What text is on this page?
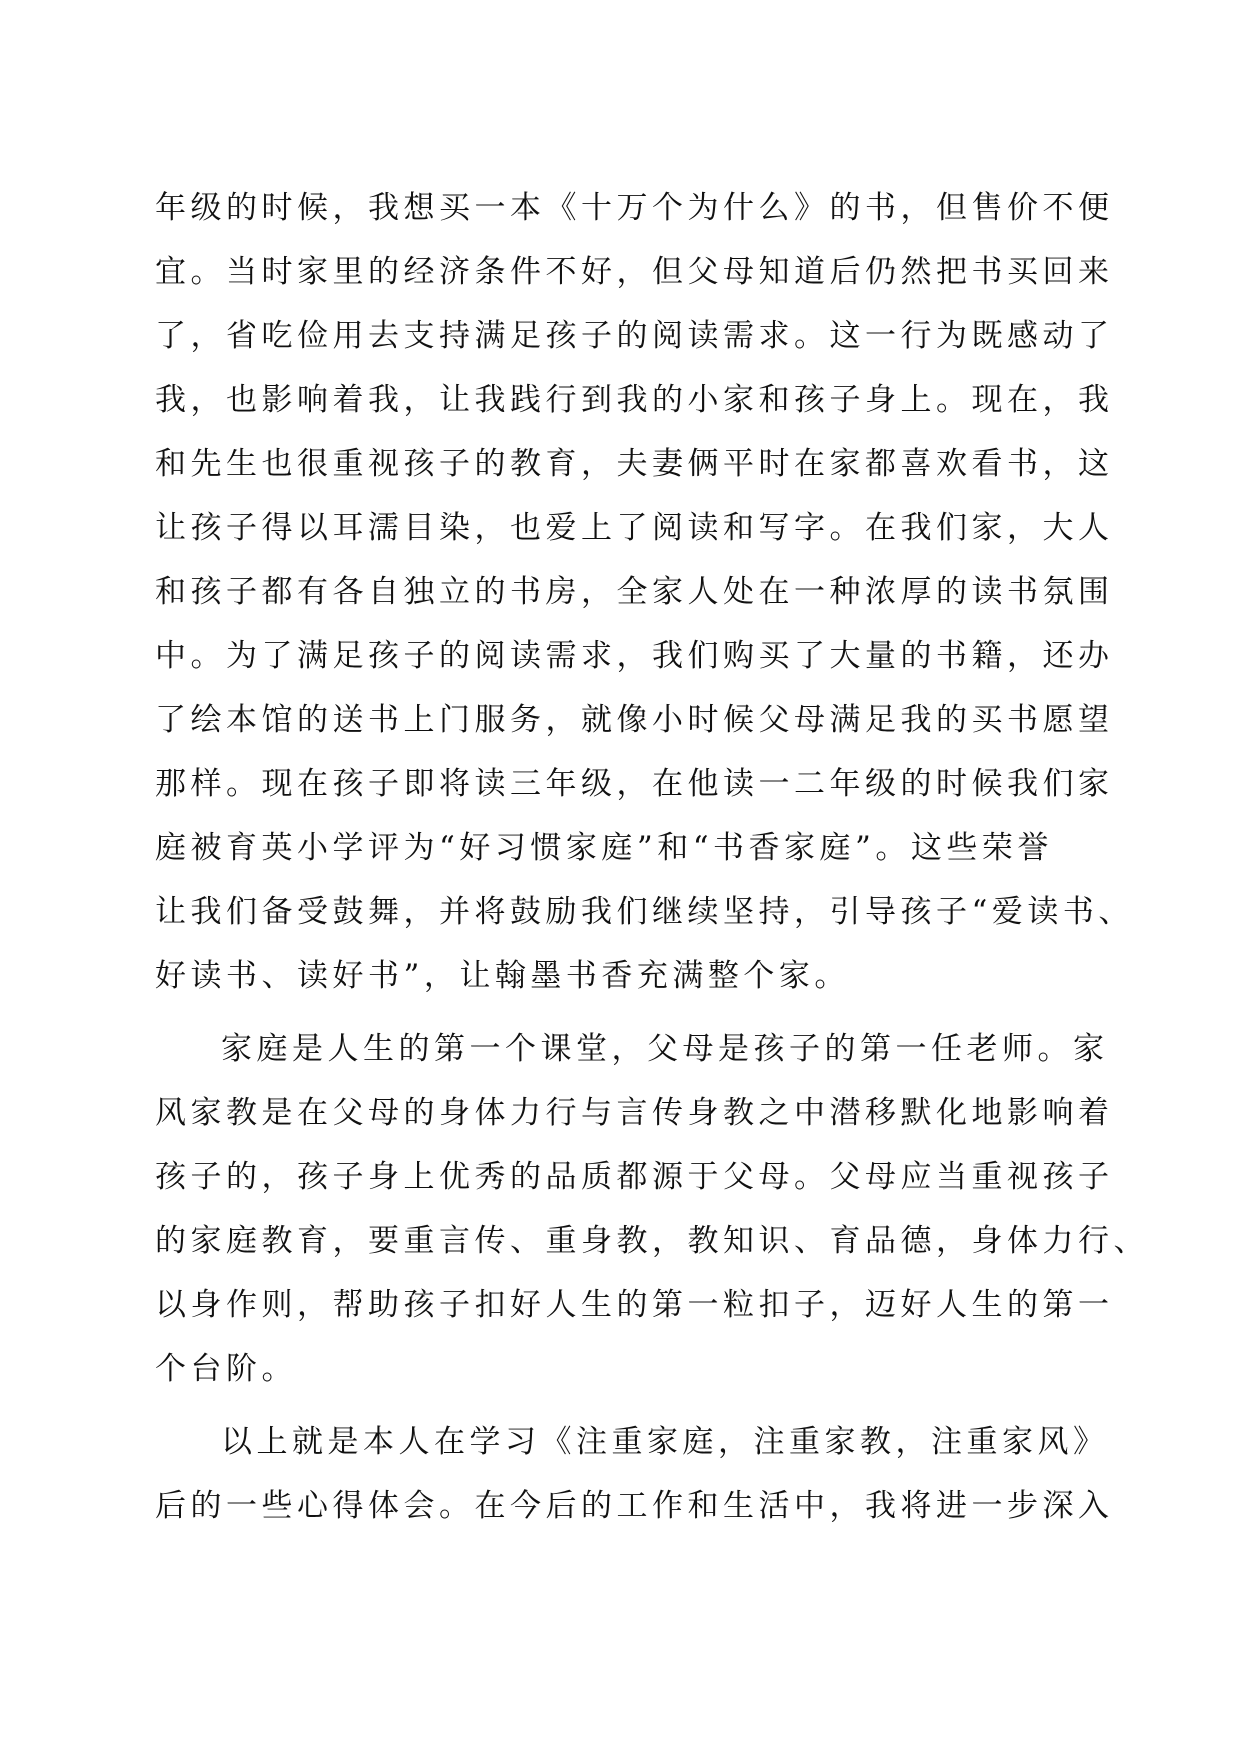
年级的时候，我想买一本《十万个为什么》的书，但售价不便
宜。当时家里的经济条件不好，但父母知道后仍然把书买回来
了，省吃俭用去支持满足孩子的阅读需求。这一行为既感动了
我，也影响着我，让我践行到我的小家和孩子身上。现在，我
和先生也很重视孩子的教育，夫妻俩平时在家都喜欢看书，这
让孩子得以耳濡目染，也爱上了阅读和写字。在我们家，大人
和孩子都有各自独立的书房，全家人处在一种浓厚的读书氛围
中。为了满足孩子的阅读需求，我们购买了大量的书籍，还办
了绘本馆的送书上门服务，就像小时候父母满足我的买书愿望
那样。现在孩子即将读三年级，在他读一二年级的时候我们家
庭被育英小学评为“好习惯家庭”和“书香家庭”。这些荣誉
让我们备受鼓舞，并将鼓励我们继续坚持，引导孩子“爱读书、
好读书、读好书”，让翰墨书香充满整个家。
家庭是人生的第一个课堂，父母是孩子的第一任老师。家
风家教是在父母的身体力行与言传身教之中潜移默化地影响着
孩子的，孩子身上优秀的品质都源于父母。父母应当重视孩子
的家庭教育，要重言传、重身教，教知识、育品德，身体力行、
以身作则，帮助孩子扣好人生的第一粒扣子，迈好人生的第一
个台阶。
以上就是本人在学习《注重家庭，注重家教，注重家风》
后的一些心得体会。在今后的工作和生活中，我将进一步深入
